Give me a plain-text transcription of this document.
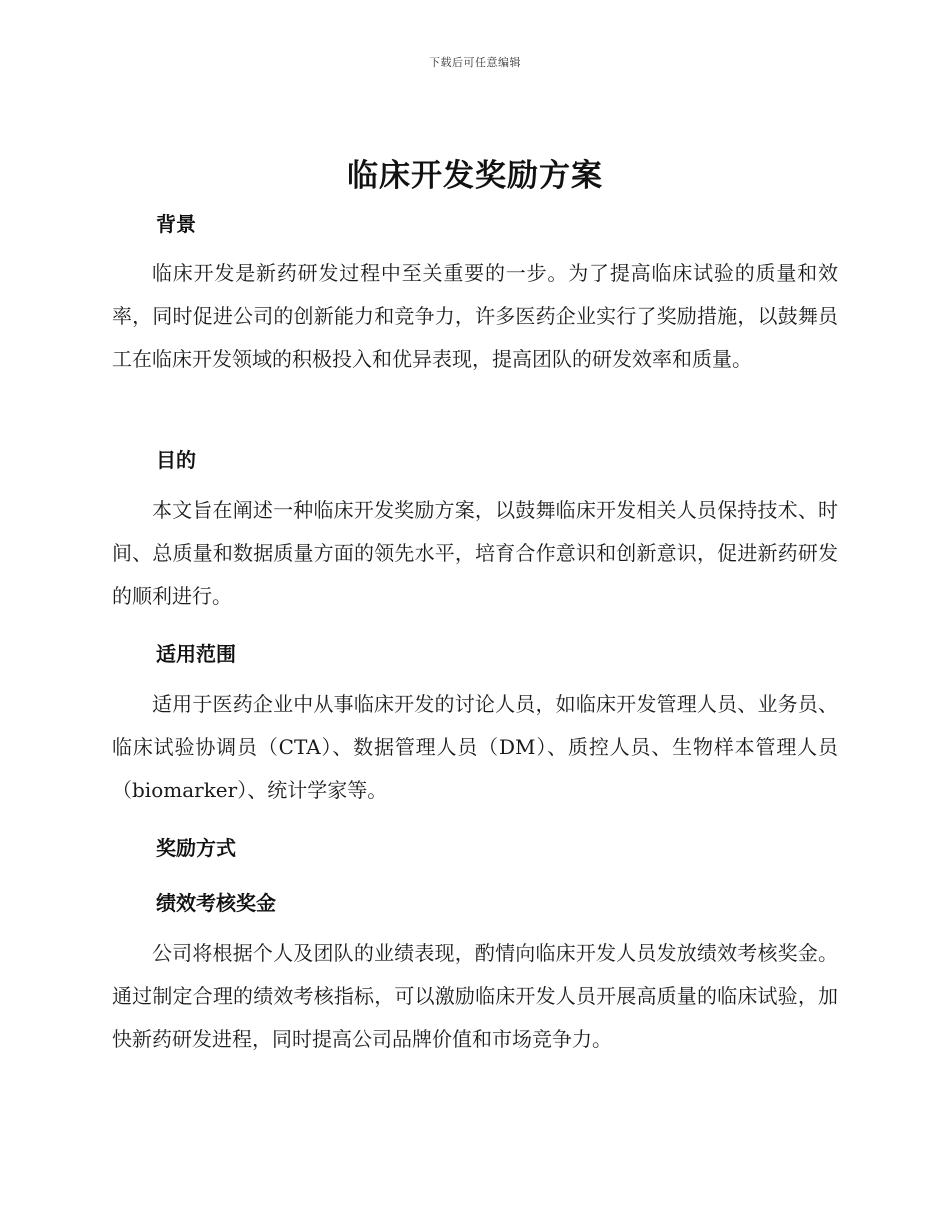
下载后可任意编辑
临床开发奖励方案
背景

临床开发是新药研发过程中至关重要的一步。为了提高临床试验的质量和效率，同时促进公司的创新能力和竞争力，许多医药企业实行了奖励措施，以鼓舞员工在临床开发领域的积极投入和优异表现，提高团队的研发效率和质量。

目的

本文旨在阐述一种临床开发奖励方案，以鼓舞临床开发相关人员保持技术、时间、总质量和数据质量方面的领先水平，培育合作意识和创新意识，促进新药研发的顺利进行。

适用范围

适用于医药企业中从事临床开发的讨论人员，如临床开发管理人员、业务员、临床试验协调员（CTA）、数据管理人员（DM）、质控人员、生物样本管理人员（biomarker）、统计学家等。

奖励方式
绩效考核奖金

公司将根据个人及团队的业绩表现，酌情向临床开发人员发放绩效考核奖金。通过制定合理的绩效考核指标，可以激励临床开发人员开展高质量的临床试验，加快新药研发进程，同时提高公司品牌价值和市场竞争力。
